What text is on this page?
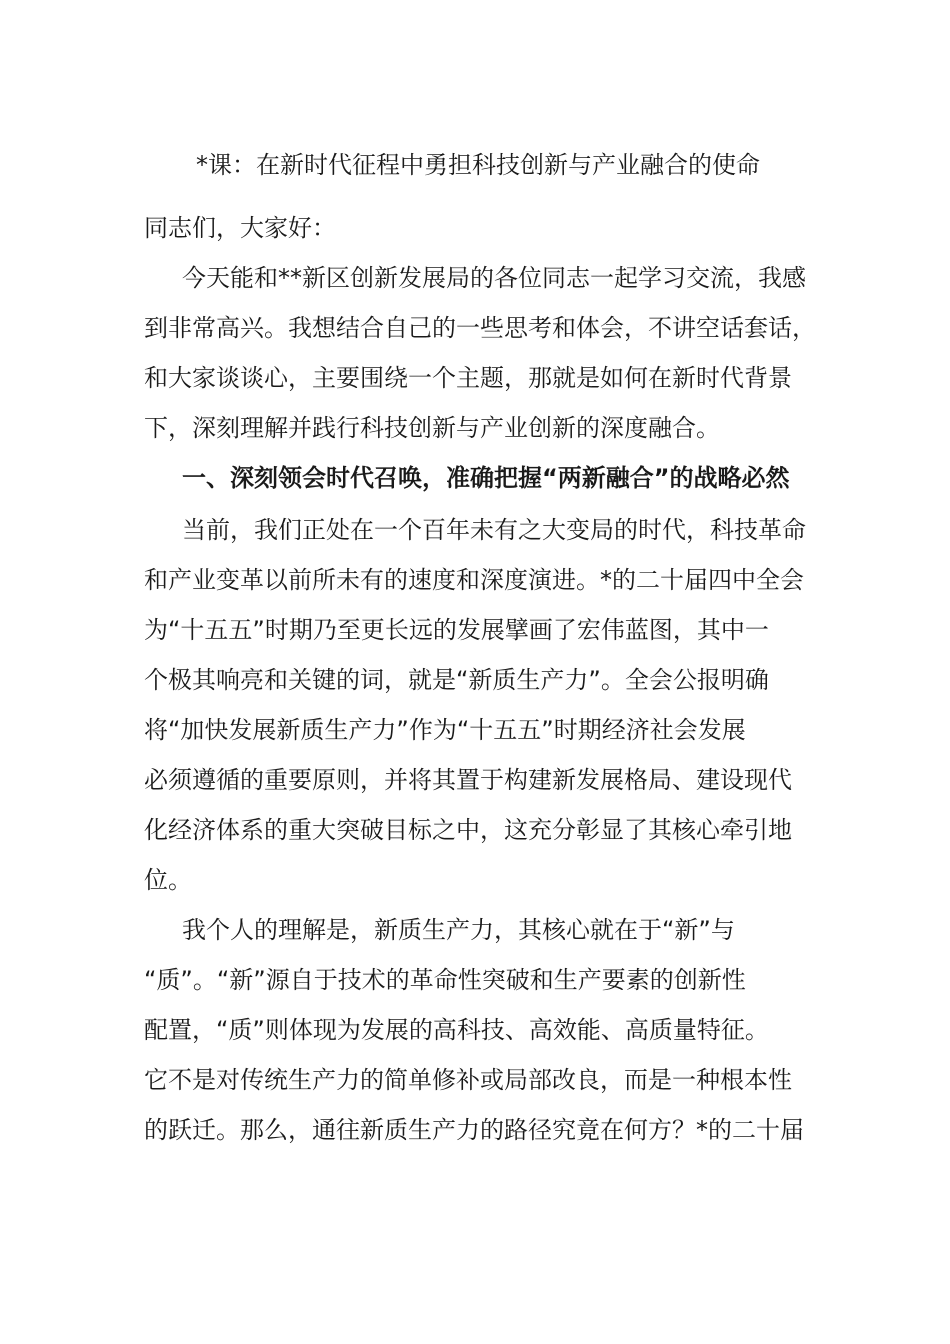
*课：在新时代征程中勇担科技创新与产业融合的使命
同志们，大家好：
今天能和**新区创新发展局的各位同志一起学习交流，我感
到非常高兴。我想结合自己的一些思考和体会，不讲空话套话，
和大家谈谈心，主要围绕一个主题，那就是如何在新时代背景
下，深刻理解并践行科技创新与产业创新的深度融合。
一、深刻领会时代召唤，准确把握“两新融合”的战略必然
当前，我们正处在一个百年未有之大变局的时代，科技革命
和产业变革以前所未有的速度和深度演进。*的二十届四中全会
为“十五五”时期乃至更长远的发展擘画了宏伟蓝图，其中一
个极其响亮和关键的词，就是“新质生产力”。全会公报明确
将“加快发展新质生产力”作为“十五五”时期经济社会发展
必须遵循的重要原则，并将其置于构建新发展格局、建设现代
化经济体系的重大突破目标之中，这充分彰显了其核心牵引地
位。
我个人的理解是，新质生产力，其核心就在于“新”与
“质”。“新”源自于技术的革命性突破和生产要素的创新性
配置，“质”则体现为发展的高科技、高效能、高质量特征。
它不是对传统生产力的简单修补或局部改良，而是一种根本性
的跃迁。那么，通往新质生产力的路径究竟在何方？*的二十届
